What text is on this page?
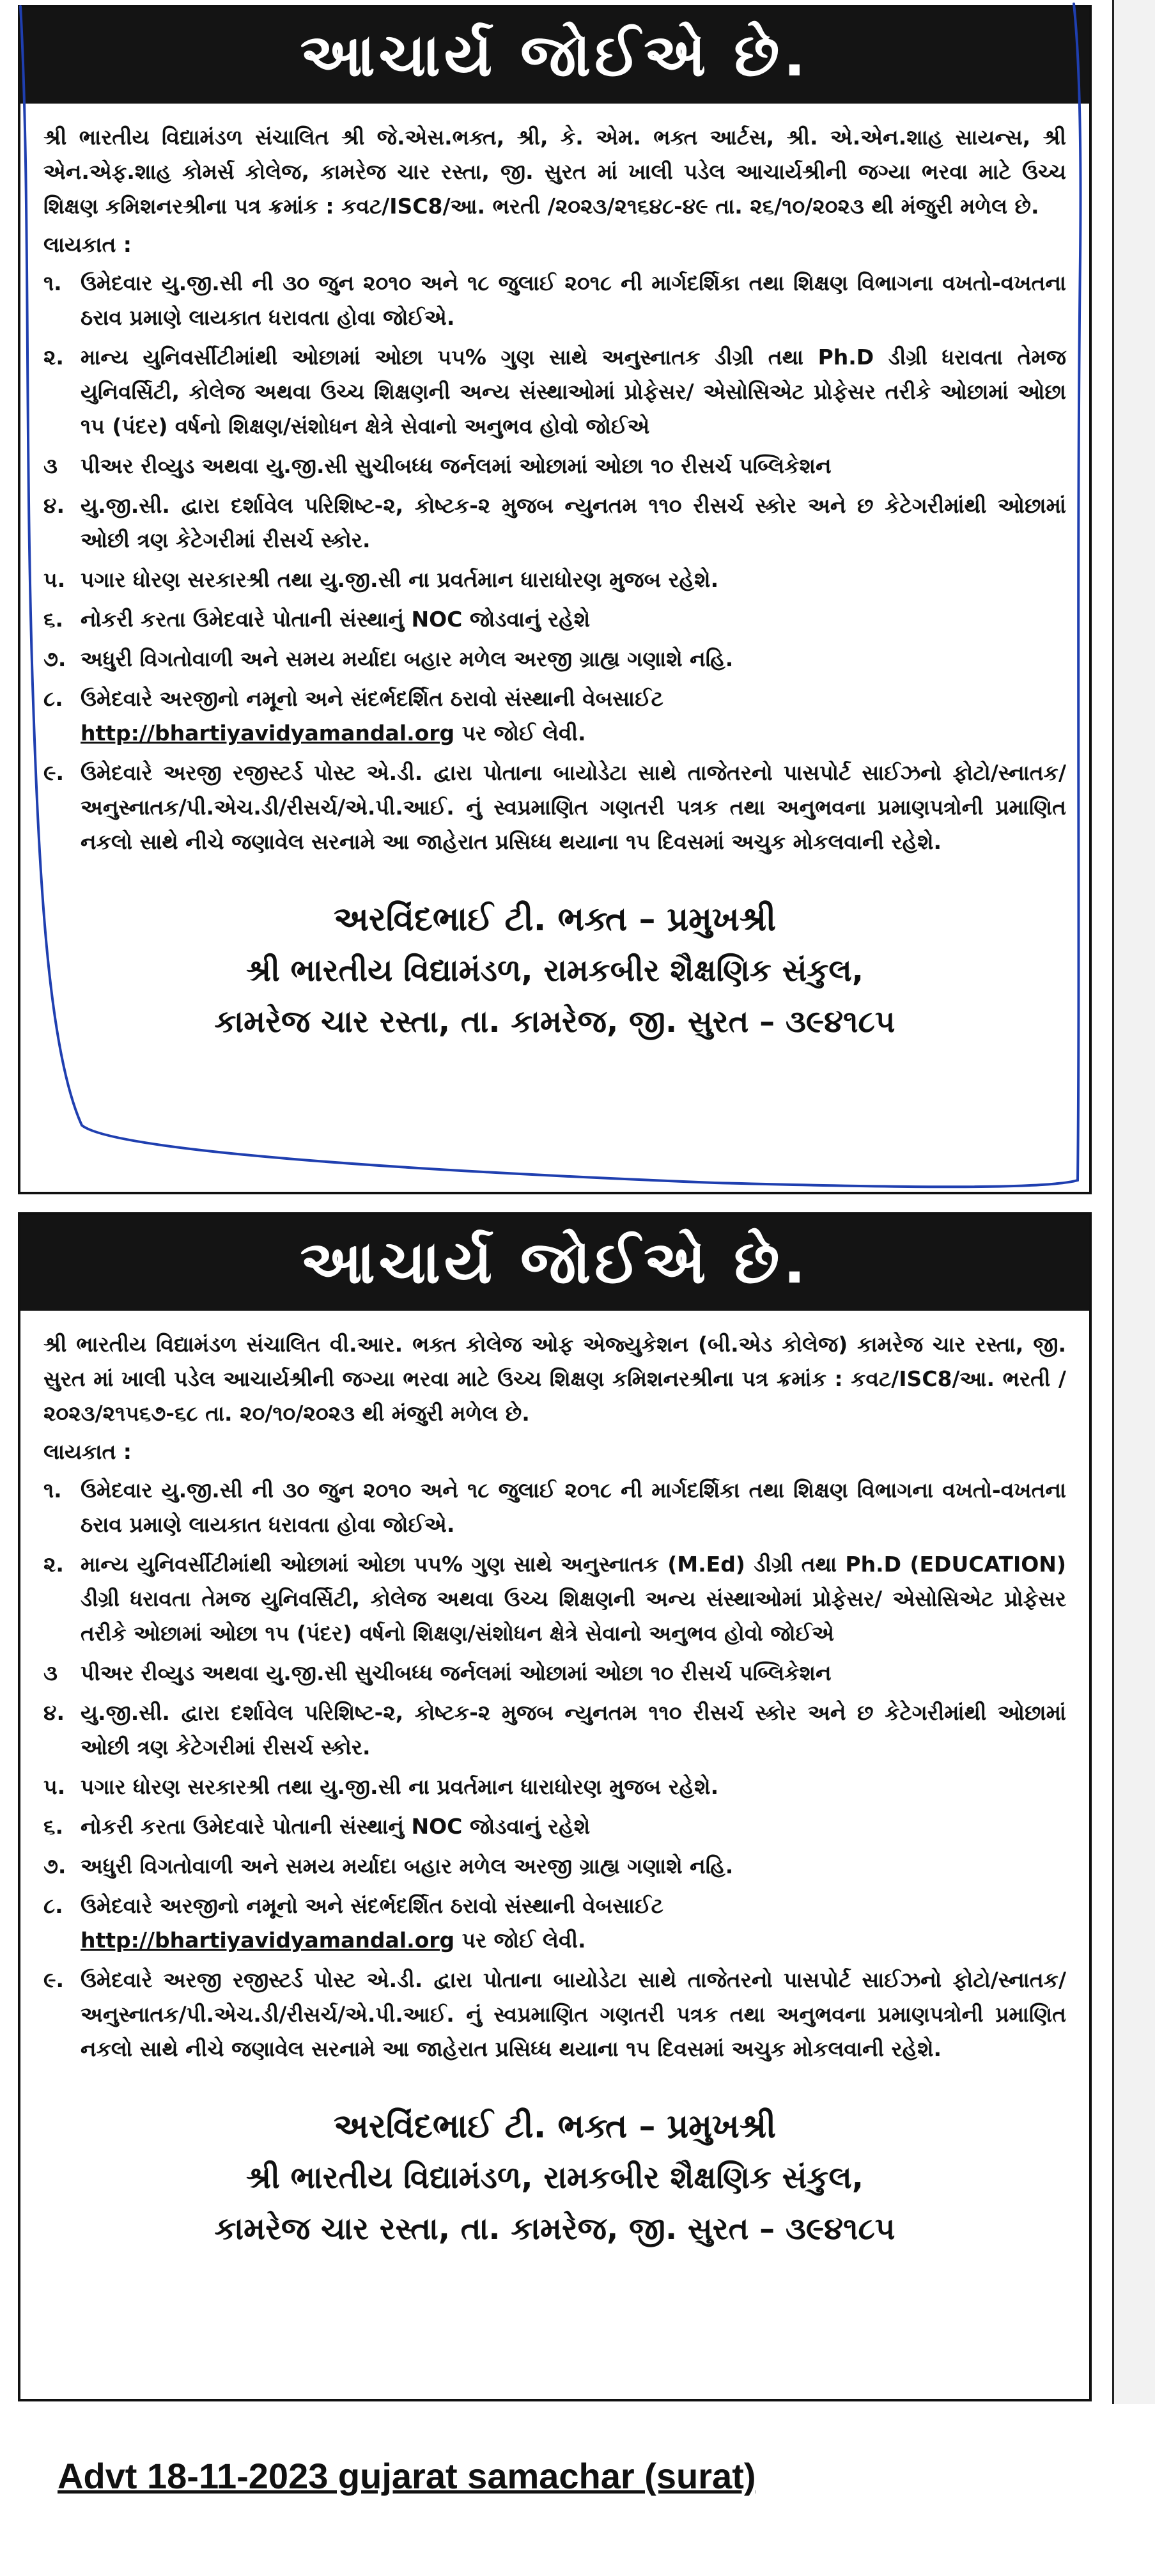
આચાર્ય જોઈએ છે.

શ્રી ભારતીય વિદ્યામંડળ સંચાલિત શ્રી જે.એસ.ભક્ત, શ્રી, કે. એમ. ભક્ત આર્ટસ, શ્રી. એ.એન.શાહ સાયન્સ, શ્રી એન.એફ.શાહ કોમર્સ કોલેજ, કામરેજ ચાર રસ્તા, જી. સુરત માં ખાલી પડેલ આચાર્યશ્રીની જગ્યા ભરવા માટે ઉચ્ચ શિક્ષણ કમિશનરશ્રીના પત્ર ક્રમાંક : કવટ/ISC8/આ. ભરતી /૨૦૨૩/૨૧૬૪૮-૪૯ તા. ૨૬/૧૦/૨૦૨૩ થી મંજુરી મળેલ છે.

લાયકાત :

૧. ઉમેદવાર યુ.જી.સી ની ૩૦ જુન ૨૦૧૦ અને ૧૮ જુલાઈ ૨૦૧૮ ની માર્ગદર્શિકા તથા શિક્ષણ વિભાગના વખતો-વખતના ઠરાવ પ્રમાણે લાયકાત ધરાવતા હોવા જોઈએ.
૨. માન્ય યુનિવર્સીટીમાંથી ઓછામાં ઓછા ૫૫% ગુણ સાથે અનુસ્નાતક ડીગ્રી તથા Ph.D ડીગ્રી ધરાવતા તેમજ યુનિવર્સિટી, કોલેજ અથવા ઉચ્ચ શિક્ષણની અન્ય સંસ્થાઓમાં પ્રોફેસર/ એસોસિએટ પ્રોફેસર તરીકે ઓછામાં ઓછા ૧૫ (પંદર) વર્ષનો શિક્ષણ/સંશોધન ક્ષેત્રે સેવાનો અનુભવ હોવો જોઈએ
૩ પીઅર રીવ્યુડ અથવા યુ.જી.સી સુચીબધ્ધ જર્નલમાં ઓછામાં ઓછા ૧૦ રીસર્ચ પબ્લિકેશન
૪. યુ.જી.સી. દ્વારા દર્શાવેલ પરિશિષ્ટ-૨, કોષ્ટક-૨ મુજબ ન્યુનતમ ૧૧૦ રીસર્ચ સ્કોર અને છ કેટેગરીમાંથી ઓછામાં ઓછી ત્રણ કેટેગરીમાં રીસર્ચ સ્કોર.
૫. પગાર ધોરણ સરકારશ્રી તથા યુ.જી.સી ના પ્રવર્તમાન ધારાધોરણ મુજબ રહેશે.
૬. નોકરી કરતા ઉમેદવારે પોતાની સંસ્થાનું NOC જોડવાનું રહેશે
૭. અધુરી વિગતોવાળી અને સમય મર્યાદા બહાર મળેલ અરજી ગ્રાહ્ય ગણાશે નહિ.
૮. ઉમેદવારે અરજીનો નમૂનો અને સંદર્ભદર્શિત ઠરાવો સંસ્થાની વેબસાઈટ
http://bhartiyavidyamandal.org પર જોઈ લેવી.
૯. ઉમેદવારે અરજી રજીસ્ટર્ડ પોસ્ટ એ.ડી. દ્વારા પોતાના બાયોડેટા સાથે તાજેતરનો પાસપોર્ટ સાઈઝનો ફોટો/સ્નાતક/અનુસ્નાતક/પી.એચ.ડી/રીસર્ચ/એ.પી.આઈ. નું સ્વપ્રમાણિત ગણતરી પત્રક તથા અનુભવના પ્રમાણપત્રોની પ્રમાણિત નકલો સાથે નીચે જણાવેલ સરનામે આ જાહેરાત પ્રસિધ્ધ થયાના ૧૫ દિવસમાં અચુક મોકલવાની રહેશે.
અરવિંદભાઈ ટી. ભક્ત – પ્રમુખશ્રી
શ્રી ભારતીય વિદ્યામંડળ, રામકબીર શૈક્ષણિક સંકુલ,
કામરેજ ચાર રસ્તા, તા. કામરેજ, જી. સુરત – ૩૯૪૧૮૫
આચાર્ય જોઈએ છે.

શ્રી ભારતીય વિદ્યામંડળ સંચાલિત વી.આર. ભક્ત કોલેજ ઓફ એજ્યુકેશન (બી.એડ કોલેજ) કામરેજ ચાર રસ્તા, જી. સુરત માં ખાલી પડેલ આચાર્યશ્રીની જગ્યા ભરવા માટે ઉચ્ચ શિક્ષણ કમિશનરશ્રીના પત્ર ક્રમાંક : કવટ/ISC8/આ. ભરતી /૨૦૨૩/૨૧૫૬૭-૬૮ તા. ૨૦/૧૦/૨૦૨૩ થી મંજુરી મળેલ છે.

લાયકાત :

૧. ઉમેદવાર યુ.જી.સી ની ૩૦ જુન ૨૦૧૦ અને ૧૮ જુલાઈ ૨૦૧૮ ની માર્ગદર્શિકા તથા શિક્ષણ વિભાગના વખતો-વખતના ઠરાવ પ્રમાણે લાયકાત ધરાવતા હોવા જોઈએ.
૨. માન્ય યુનિવર્સીટીમાંથી ઓછામાં ઓછા ૫૫% ગુણ સાથે અનુસ્નાતક (M.Ed) ડીગ્રી તથા Ph.D (EDUCATION) ડીગ્રી ધરાવતા તેમજ યુનિવર્સિટી, કોલેજ અથવા ઉચ્ચ શિક્ષણની અન્ય સંસ્થાઓમાં પ્રોફેસર/ એસોસિએટ પ્રોફેસર તરીકે ઓછામાં ઓછા ૧૫ (પંદર) વર્ષનો શિક્ષણ/સંશોધન ક્ષેત્રે સેવાનો અનુભવ હોવો જોઈએ
૩ પીઅર રીવ્યુડ અથવા યુ.જી.સી સુચીબધ્ધ જર્નલમાં ઓછામાં ઓછા ૧૦ રીસર્ચ પબ્લિકેશન
૪. યુ.જી.સી. દ્વારા દર્શાવેલ પરિશિષ્ટ-૨, કોષ્ટક-૨ મુજબ ન્યુનતમ ૧૧૦ રીસર્ચ સ્કોર અને છ કેટેગરીમાંથી ઓછામાં ઓછી ત્રણ કેટેગરીમાં રીસર્ચ સ્કોર.
૫. પગાર ધોરણ સરકારશ્રી તથા યુ.જી.સી ના પ્રવર્તમાન ધારાધોરણ મુજબ રહેશે.
૬. નોકરી કરતા ઉમેદવારે પોતાની સંસ્થાનું NOC જોડવાનું રહેશે
૭. અધુરી વિગતોવાળી અને સમય મર્યાદા બહાર મળેલ અરજી ગ્રાહ્ય ગણાશે નહિ.
૮. ઉમેદવારે અરજીનો નમૂનો અને સંદર્ભદર્શિત ઠરાવો સંસ્થાની વેબસાઈટ
http://bhartiyavidyamandal.org પર જોઈ લેવી.
૯. ઉમેદવારે અરજી રજીસ્ટર્ડ પોસ્ટ એ.ડી. દ્વારા પોતાના બાયોડેટા સાથે તાજેતરનો પાસપોર્ટ સાઈઝનો ફોટો/સ્નાતક/અનુસ્નાતક/પી.એચ.ડી/રીસર્ચ/એ.પી.આઈ. નું સ્વપ્રમાણિત ગણતરી પત્રક તથા અનુભવના પ્રમાણપત્રોની પ્રમાણિત નકલો સાથે નીચે જણાવેલ સરનામે આ જાહેરાત પ્રસિધ્ધ થયાના ૧૫ દિવસમાં અચુક મોકલવાની રહેશે.
અરવિંદભાઈ ટી. ભક્ત – પ્રમુખશ્રી
શ્રી ભારતીય વિદ્યામંડળ, રામકબીર શૈક્ષણિક સંકુલ,
કામરેજ ચાર રસ્તા, તા. કામરેજ, જી. સુરત – ૩૯૪૧૮૫
Advt 18-11-2023 gujarat samachar (surat)
